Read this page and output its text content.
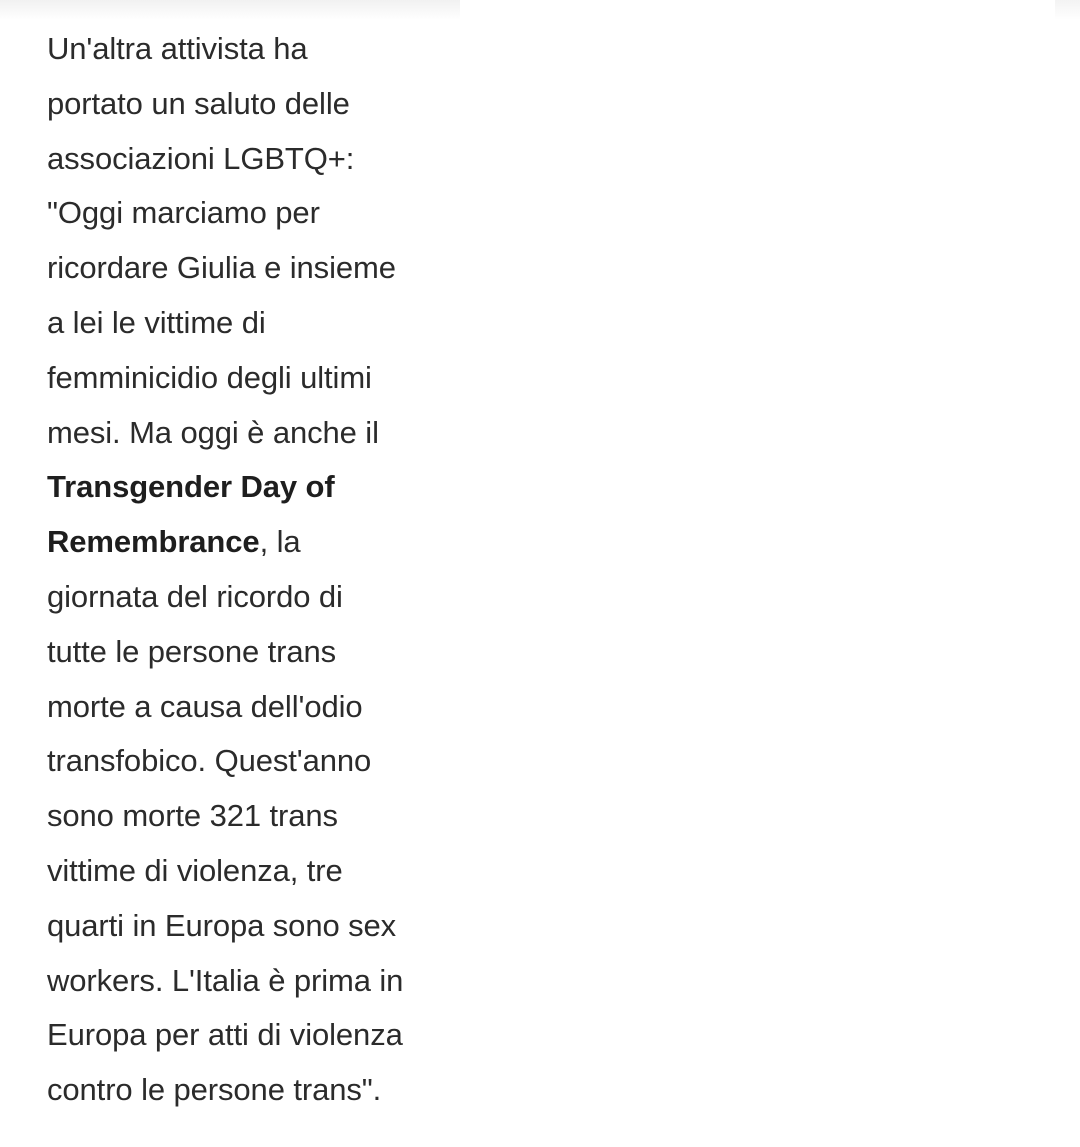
Un'altra attivista ha
portato un saluto delle
associazioni LGBTQ+:
"Oggi marciamo per
ricordare Giulia e insieme
a lei le vittime di
femminicidio degli ultimi
mesi. Ma oggi è anche il
Transgender Day of
Remembrance, la
giornata del ricordo di
tutte le persone trans
morte a causa dell'odio
transfobico. Quest'anno
sono morte 321 trans
vittime di violenza, tre
quarti in Europa sono sex
workers. L'Italia è prima in
Europa per atti di violenza
contro le persone trans".
